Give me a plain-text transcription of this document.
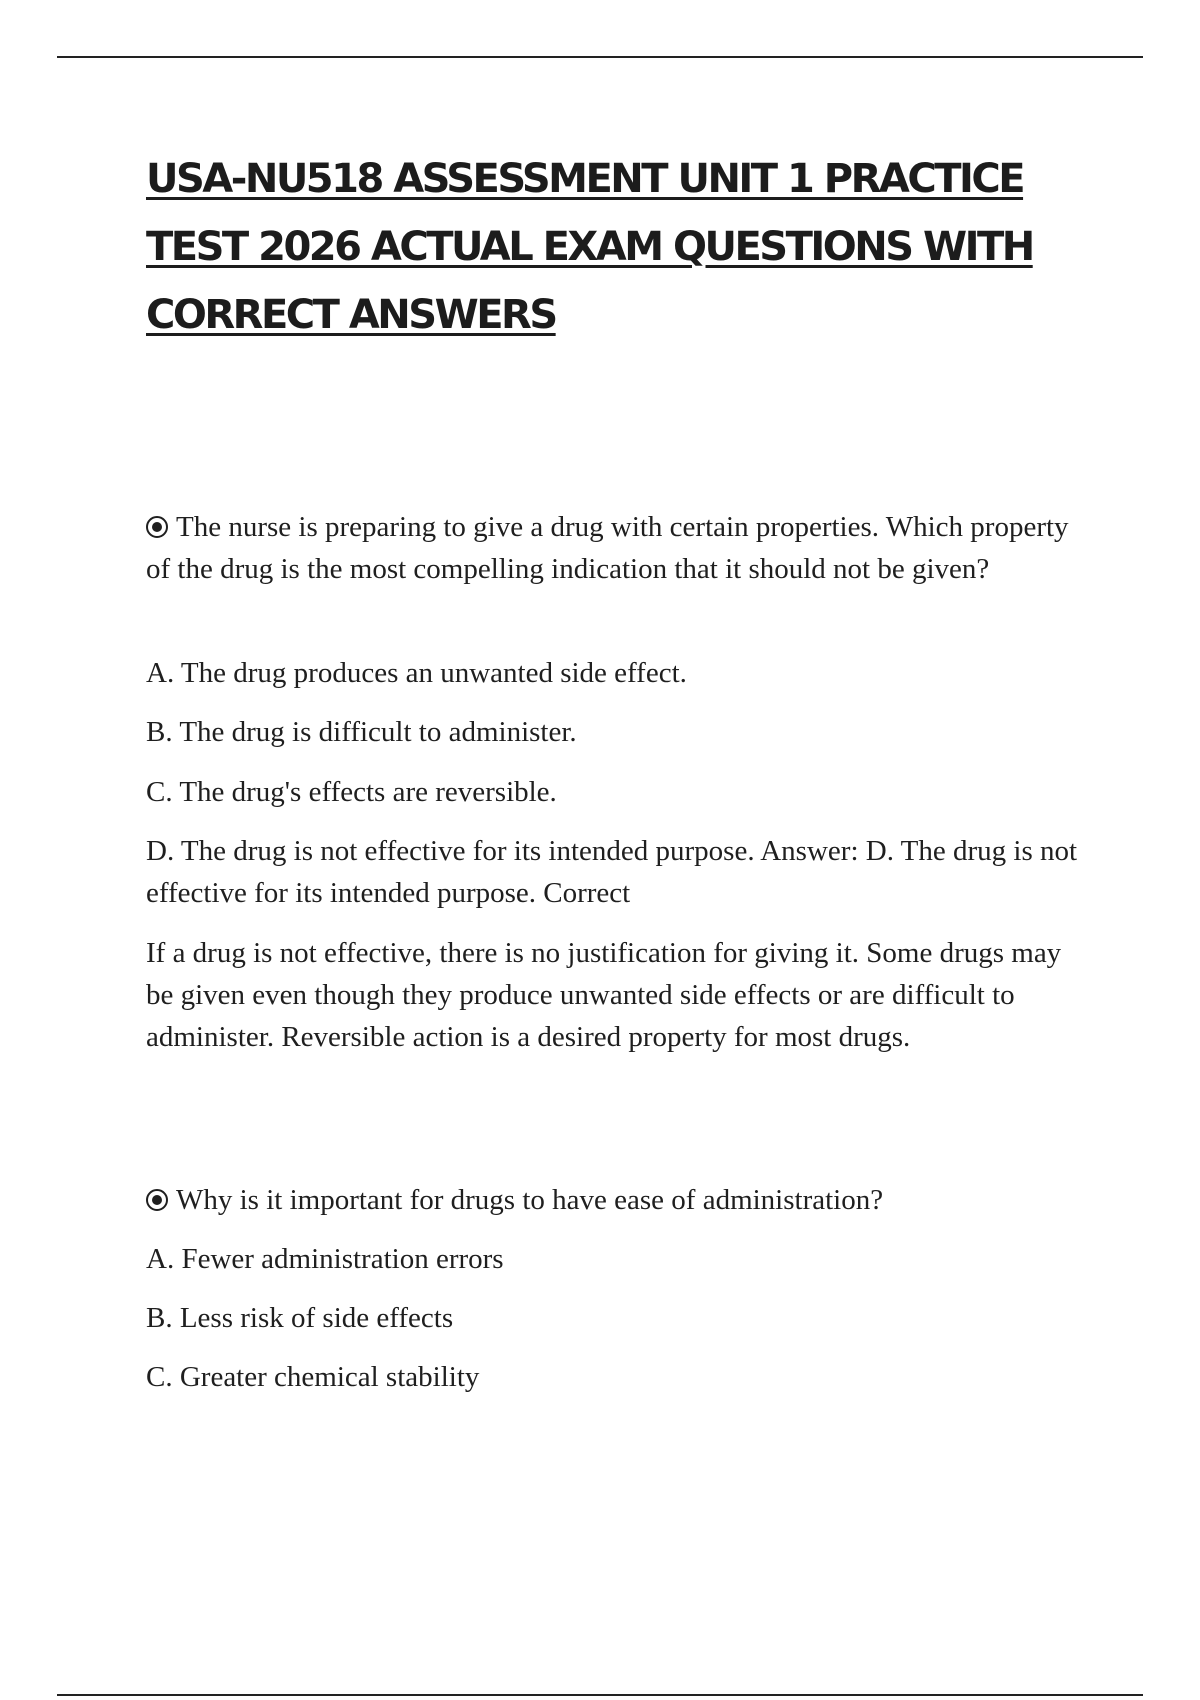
USA-NU518 ASSESSMENT UNIT 1 PRACTICE TEST 2026 ACTUAL EXAM QUESTIONS WITH CORRECT ANSWERS

The nurse is preparing to give a drug with certain properties. Which property of the drug is the most compelling indication that it should not be given?

A. The drug produces an unwanted side effect.

B. The drug is difficult to administer.

C. The drug's effects are reversible.

D. The drug is not effective for its intended purpose. Answer: D. The drug is not effective for its intended purpose. Correct

If a drug is not effective, there is no justification for giving it. Some drugs may be given even though they produce unwanted side effects or are difficult to administer. Reversible action is a desired property for most drugs.

Why is it important for drugs to have ease of administration?

A. Fewer administration errors

B. Less risk of side effects

C. Greater chemical stability
